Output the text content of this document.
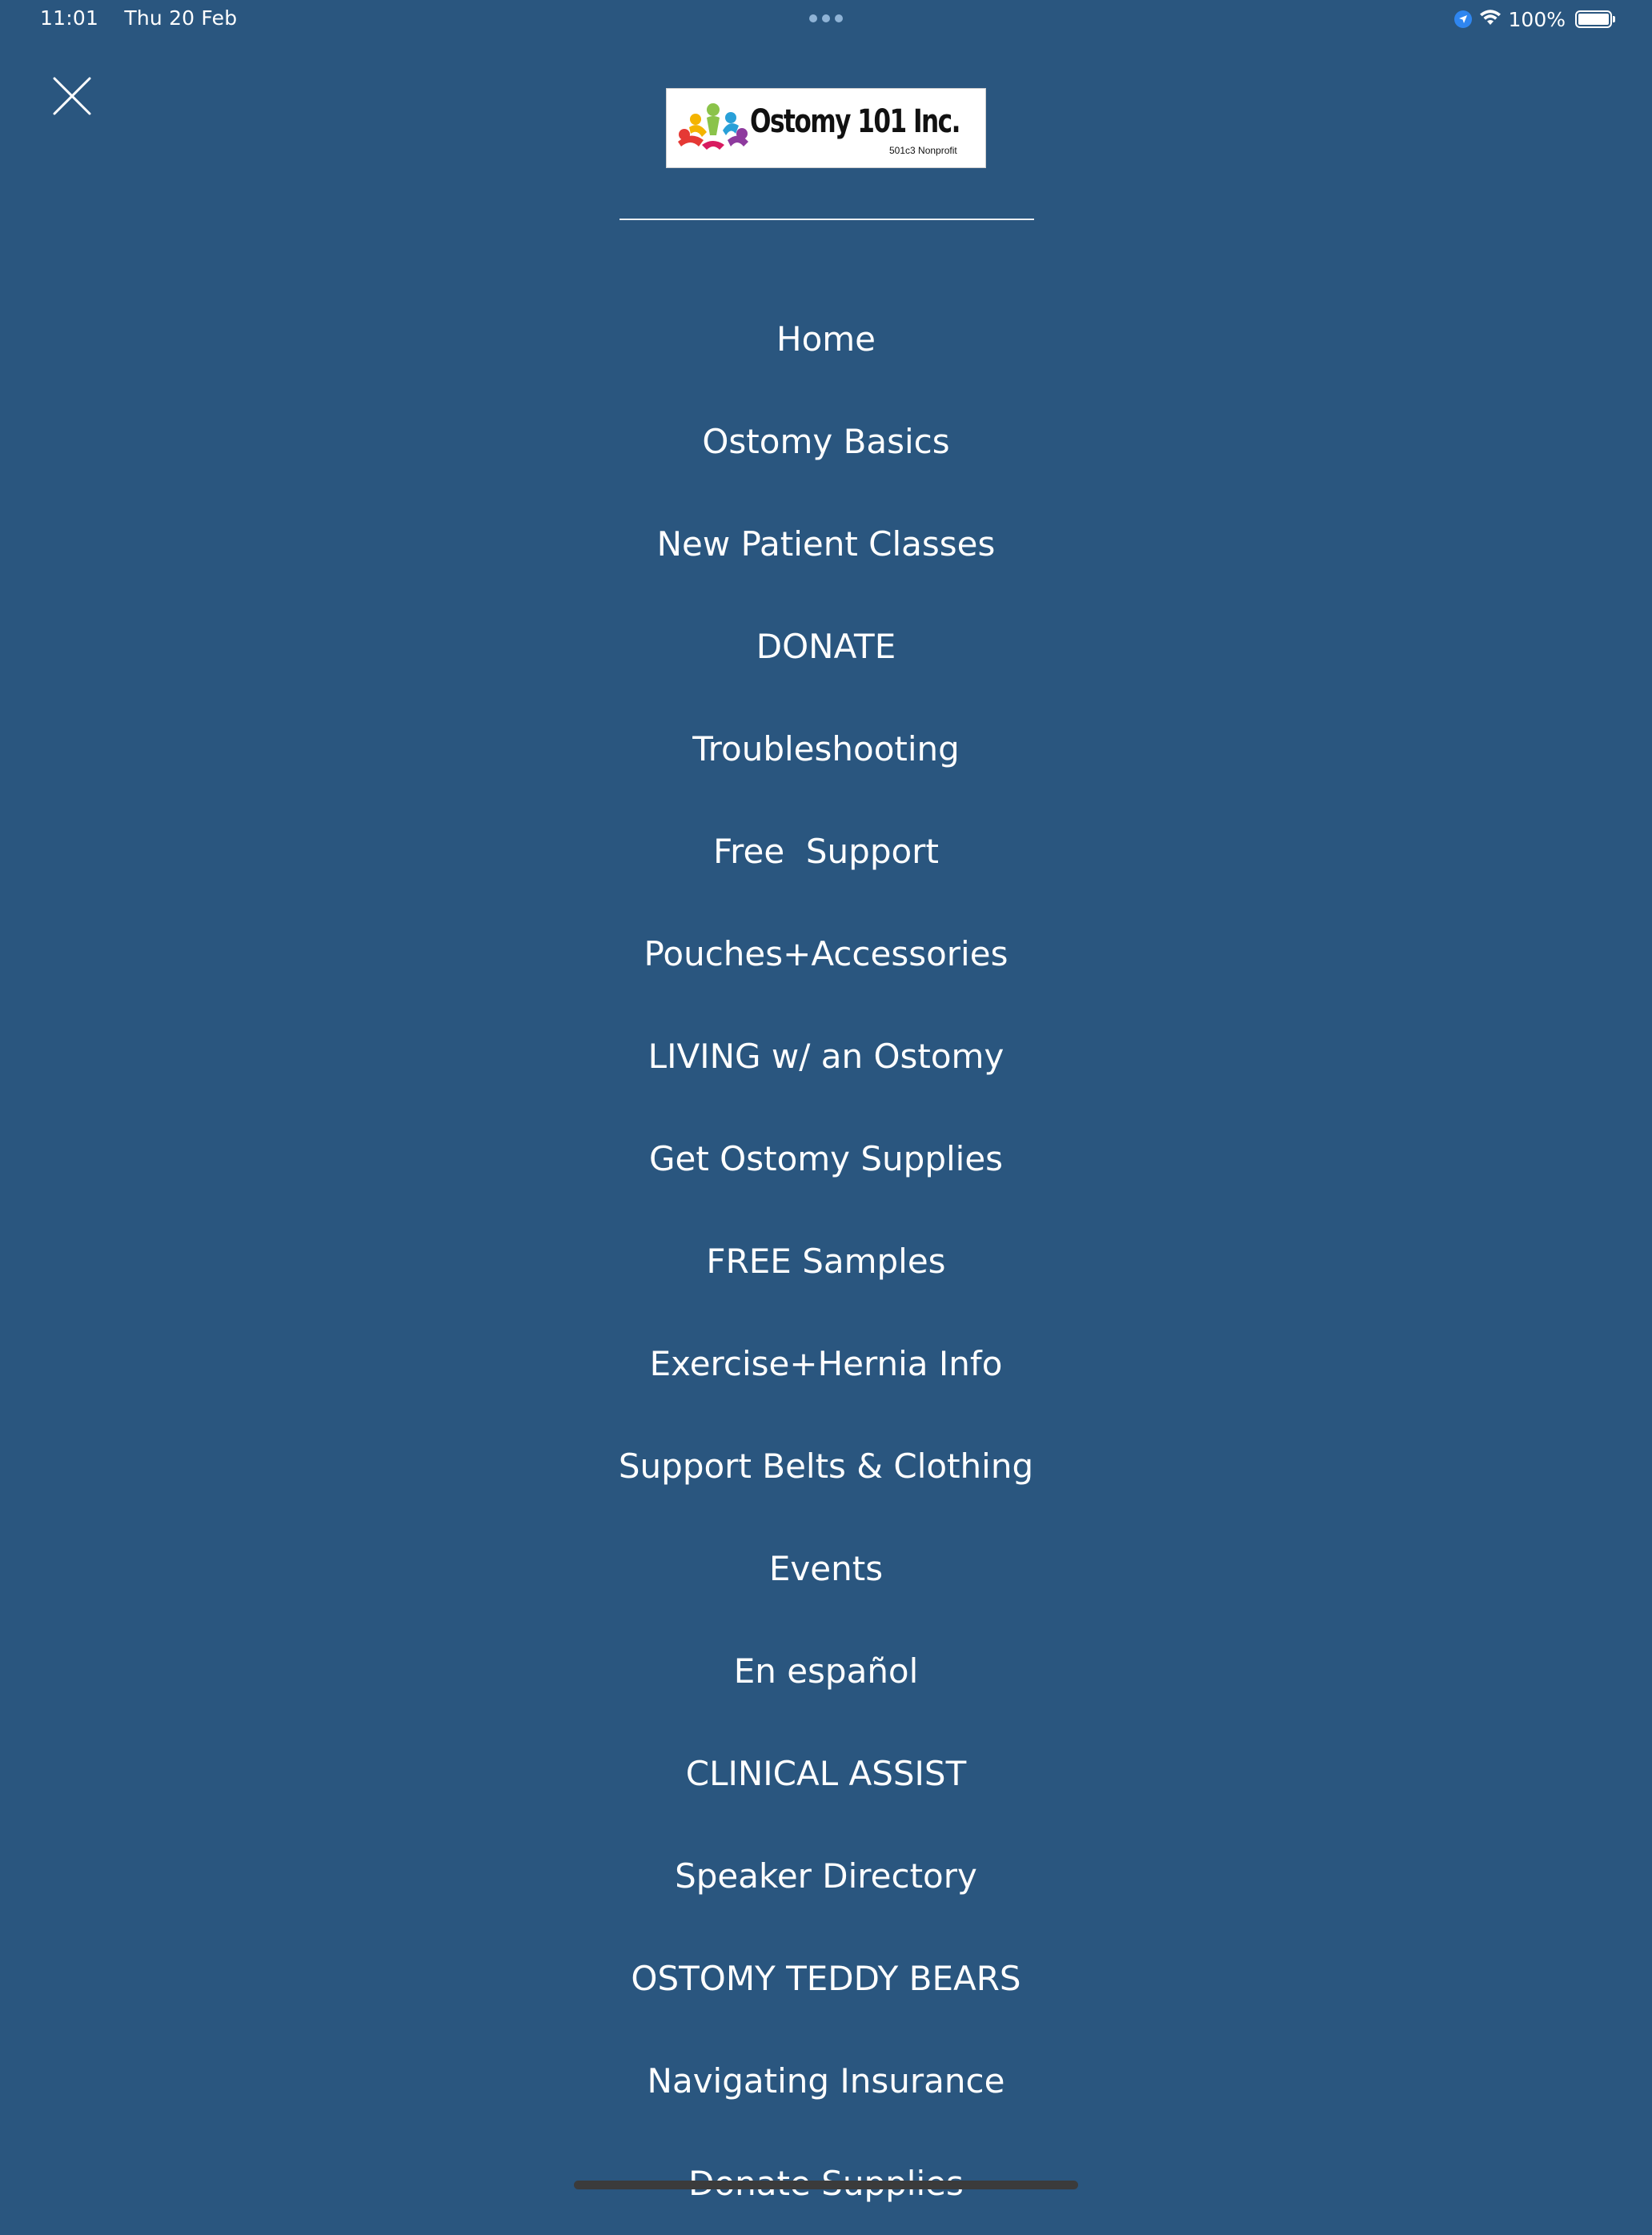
11:01 Thu 20 Feb	100%
Ostomy 101 Inc.
501c3 Nonprofit
Home
Ostomy Basics
New Patient Classes
DONATE
Troubleshooting
Free  Support
Pouches+Accessories
LIVING w/ an Ostomy
Get Ostomy Supplies
FREE Samples
Exercise+Hernia Info
Support Belts & Clothing
Events
En español
CLINICAL ASSIST
Speaker Directory
OSTOMY TEDDY BEARS
Navigating Insurance
